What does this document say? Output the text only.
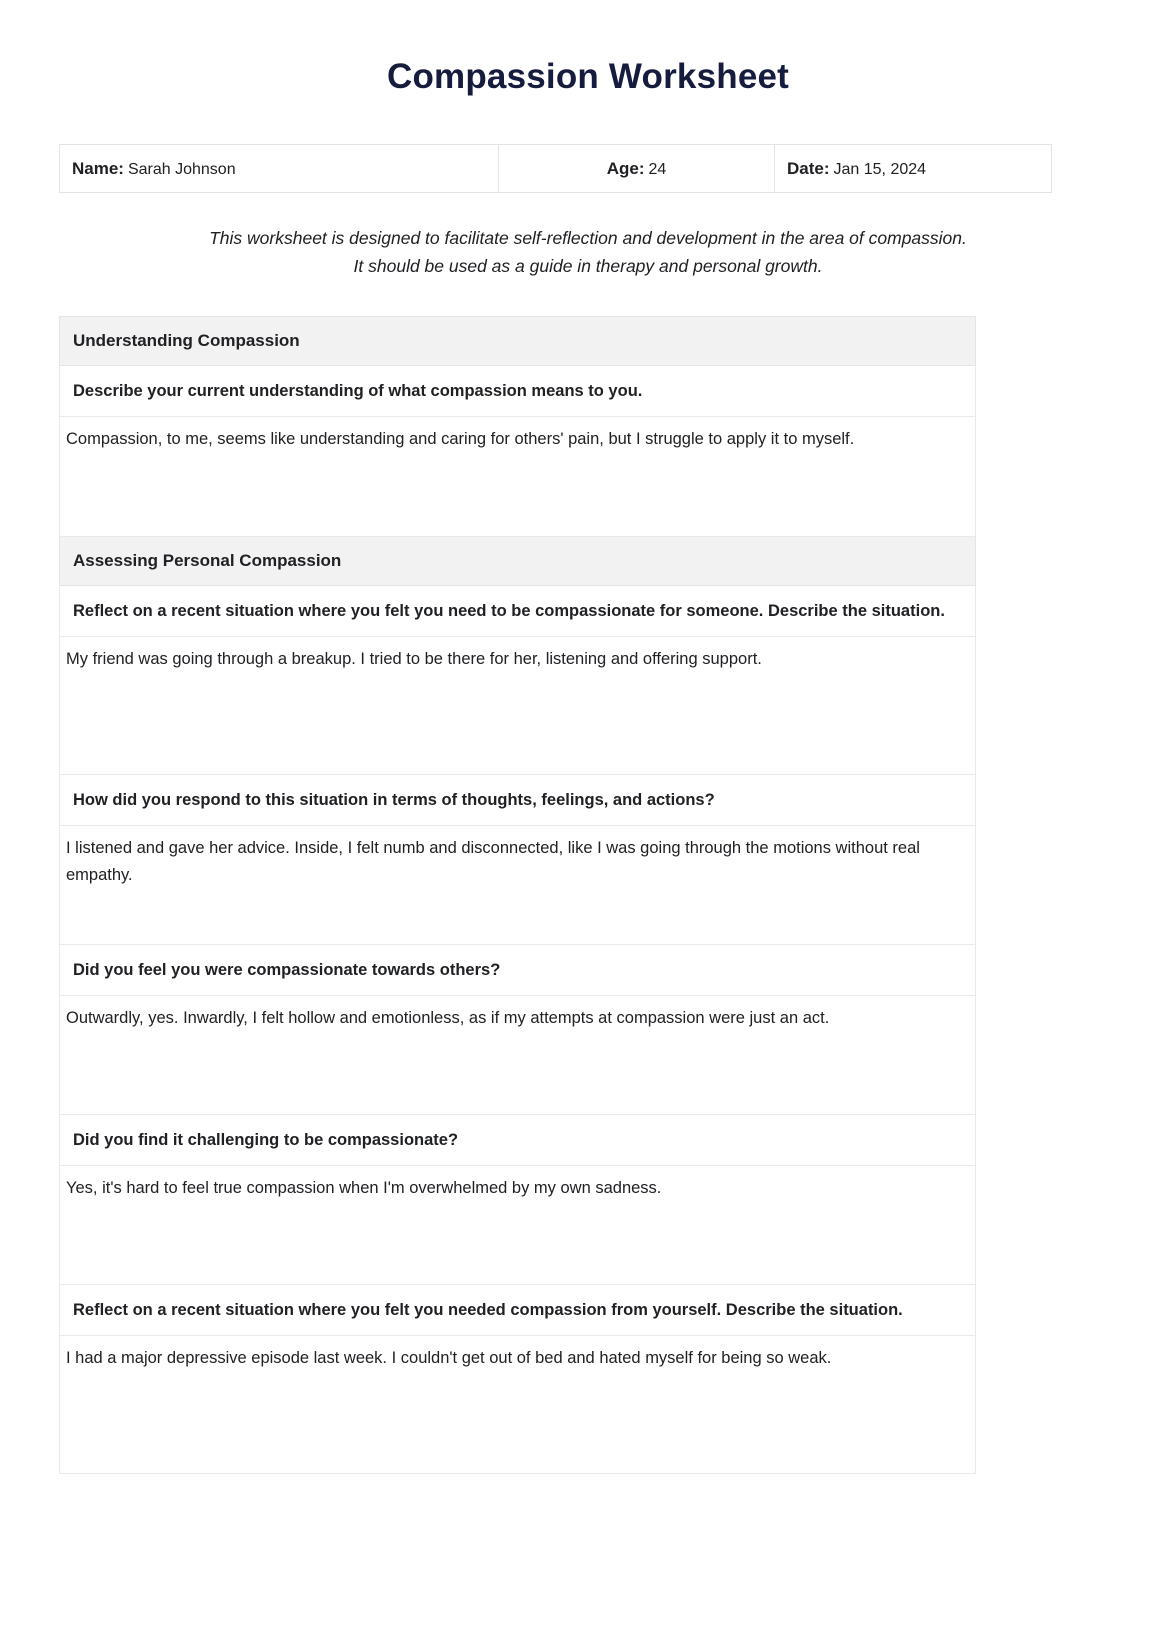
Compassion Worksheet
Name: Sarah Johnson	Age: 24	Date: Jan 15, 2024
This worksheet is designed to facilitate self-reflection and development in the area of compassion.
It should be used as a guide in therapy and personal growth.
Understanding Compassion
Describe your current understanding of what compassion means to you.

Compassion, to me, seems like understanding and caring for others' pain, but I struggle to apply it to myself.

Assessing Personal Compassion
Reflect on a recent situation where you felt you need to be compassionate for someone. Describe the situation.

My friend was going through a breakup. I tried to be there for her, listening and offering support.

How did you respond to this situation in terms of thoughts, feelings, and actions?

I listened and gave her advice. Inside, I felt numb and disconnected, like I was going through the motions without real empathy.

Did you feel you were compassionate towards others?

Outwardly, yes. Inwardly, I felt hollow and emotionless, as if my attempts at compassion were just an act.

Did you find it challenging to be compassionate?

Yes, it's hard to feel true compassion when I'm overwhelmed by my own sadness.

Reflect on a recent situation where you felt you needed compassion from yourself. Describe the situation.

I had a major depressive episode last week. I couldn't get out of bed and hated myself for being so weak.
